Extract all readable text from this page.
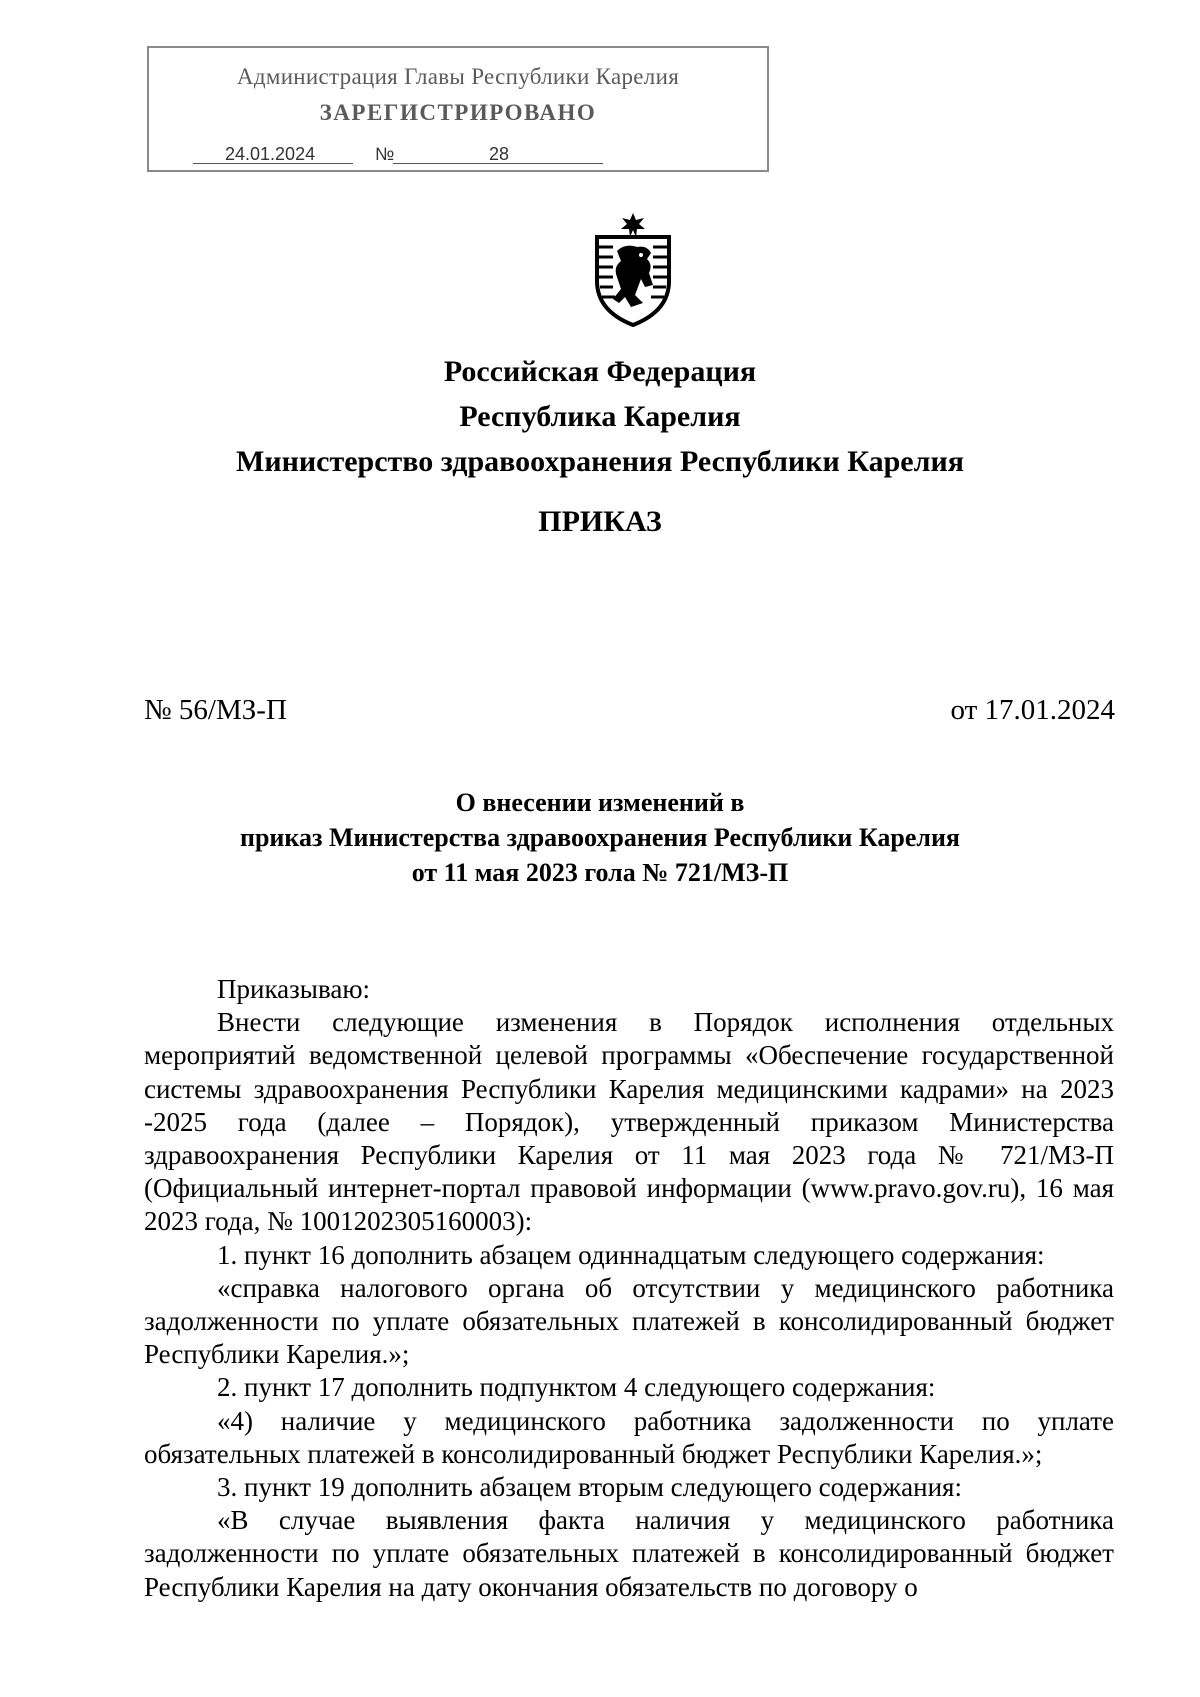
Администрация Главы Республики Карелия
ЗАРЕГИСТРИРОВАНО
24.01.2024	№	28
Российская Федерация
Республика Карелия
Министерство здравоохранения Республики Карелия
ПРИКАЗ
№ 56/МЗ-П	от 17.01.2024
О внесении изменений в
приказ Министерства здравоохранения Республики Карелия
от 11 мая 2023 гола № 721/МЗ-П

Приказываю:

Внести следующие изменения в Порядок исполнения отдельных мероприятий ведомственной целевой программы «Обеспечение государственной системы здравоохранения Республики Карелия медицинскими кадрами» на 2023 -2025 года (далее – Порядок), утвержденный приказом Министерства здравоохранения Республики Карелия от 11 мая 2023 года № 721/МЗ-П (Официальный интернет-портал правовой информации (www.pravo.gov.ru), 16 мая 2023 года, № 1001202305160003):

1. пункт 16 дополнить абзацем одиннадцатым следующего содержания:

«справка налогового органа об отсутствии у медицинского работника задолженности по уплате обязательных платежей в консолидированный бюджет Республики Карелия.»;

2. пункт 17 дополнить подпунктом 4 следующего содержания:

«4) наличие у медицинского работника задолженности по уплате обязательных платежей в консолидированный бюджет Республики Карелия.»;

3. пункт 19 дополнить абзацем вторым следующего содержания:

«В случае выявления факта наличия у медицинского работника задолженности по уплате обязательных платежей в консолидированный бюджет Республики Карелия на дату окончания обязательств по договору о
